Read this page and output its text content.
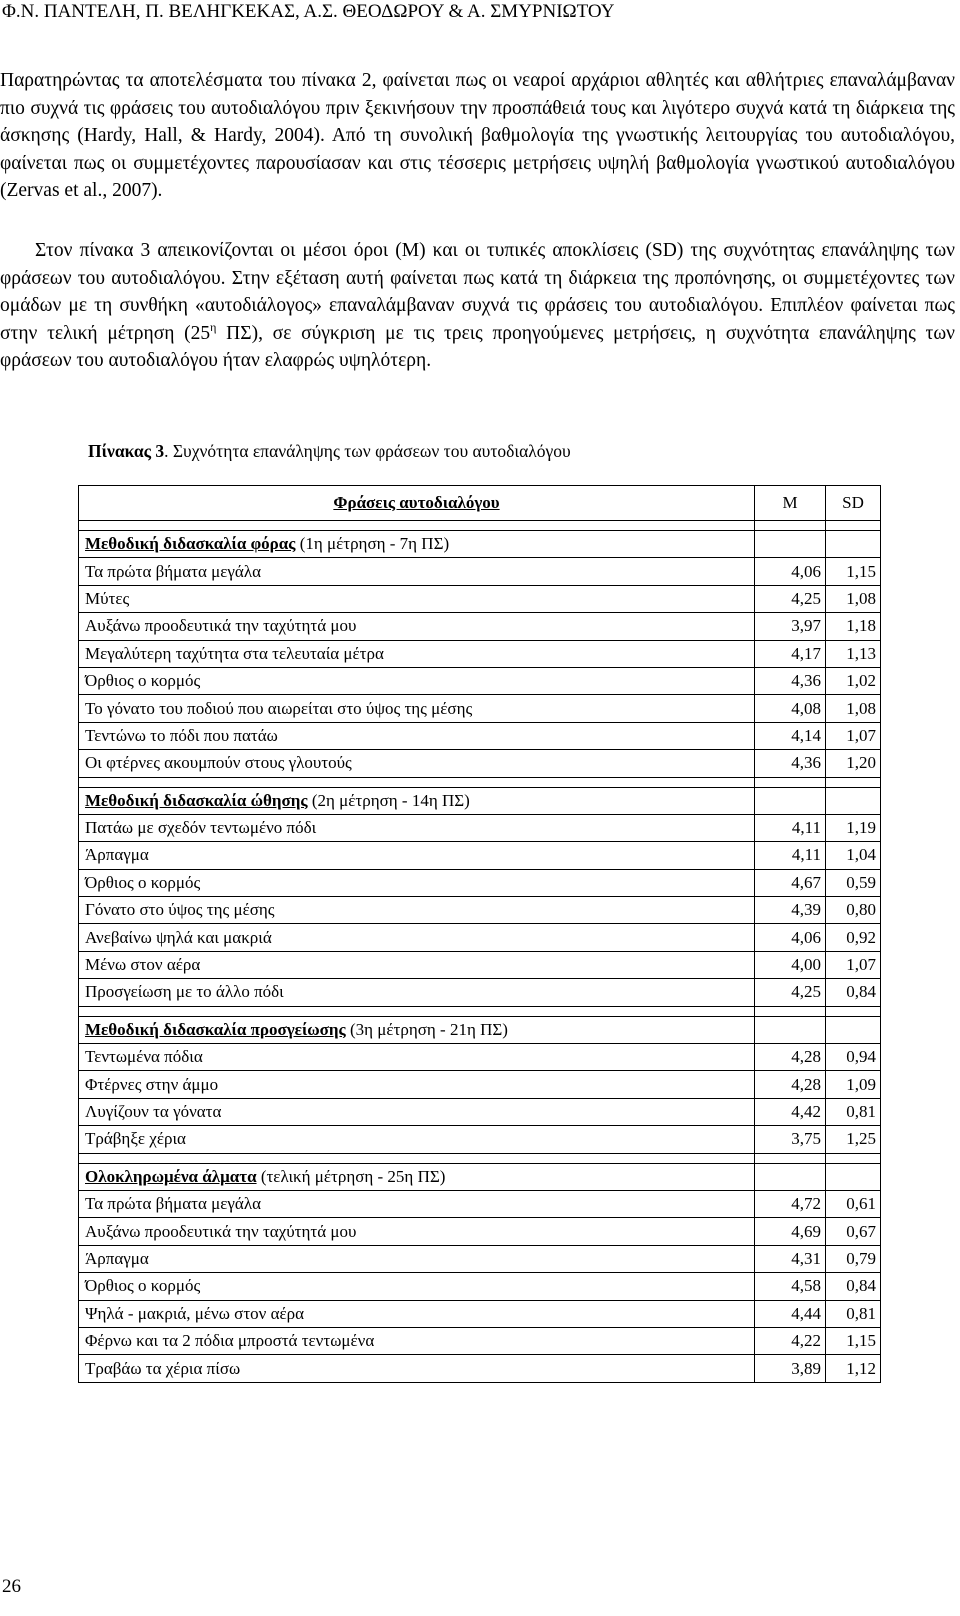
Φ.Ν. ΠΑΝΤΕΛΗ, Π. ΒΕΛΗΓΚΕΚΑΣ, Α.Σ. ΘΕΟΔΩΡΟΥ & Α. ΣΜΥΡΝΙΩΤΟΥ

Παρατηρώντας τα αποτελέσματα του πίνακα 2, φαίνεται πως οι νεαροί αρχάριοι αθλητές και αθλήτριες επαναλάμβαναν πιο συχνά τις φράσεις του αυτοδιαλόγου πριν ξεκινήσουν την προσπάθειά τους και λιγότερο συχνά κατά τη διάρκεια της άσκησης (Hardy, Hall, & Hardy, 2004). Από τη συνολική βαθμολογία της γνωστικής λειτουργίας του αυτοδιαλόγου, φαίνεται πως οι συμμετέχοντες παρουσίασαν και στις τέσσερις μετρήσεις υψηλή βαθμολογία γνωστικού αυτοδιαλόγου (Zervas et al., 2007).

Στον πίνακα 3 απεικονίζονται οι μέσοι όροι (M) και οι τυπικές αποκλίσεις (SD) της συχνότητας επανάληψης των φράσεων του αυτοδιαλόγου. Στην εξέταση αυτή φαίνεται πως κατά τη διάρκεια της προπόνησης, οι συμμετέχοντες των ομάδων με τη συνθήκη «αυτοδιάλογος» επαναλάμβαναν συχνά τις φράσεις του αυτοδιαλόγου. Επιπλέον φαίνεται πως στην τελική μέτρηση ($25^\eta$ ΠΣ), σε σύγκριση με τις τρεις προηγούμενες μετρήσεις, η συχνότητα επανάληψης των φράσεων του αυτοδιαλόγου ήταν ελαφρώς υψηλότερη.

Πίνακας 3. Συχνότητα επανάληψης των φράσεων του αυτοδιαλόγου
Φράσεις αυτοδιαλόγου	M	SD

Μεθοδική διδασκαλία φόρας (1η μέτρηση - 7η ΠΣ)		
Τα πρώτα βήματα μεγάλα	4,06	1,15
Μύτες	4,25	1,08
Αυξάνω προοδευτικά την ταχύτητά μου	3,97	1,18
Μεγαλύτερη ταχύτητα στα τελευταία μέτρα	4,17	1,13
Όρθιος ο κορμός	4,36	1,02
Το γόνατο του ποδιού που αιωρείται στο ύψος της μέσης	4,08	1,08
Τεντώνω το πόδι που πατάω	4,14	1,07
Οι φτέρνες ακουμπούν στους γλουτούς	4,36	1,20

Μεθοδική διδασκαλία ώθησης (2η μέτρηση - 14η ΠΣ)		
Πατάω με σχεδόν τεντωμένο πόδι	4,11	1,19
Άρπαγμα	4,11	1,04
Όρθιος ο κορμός	4,67	0,59
Γόνατο στο ύψος της μέσης	4,39	0,80
Ανεβαίνω ψηλά και μακριά	4,06	0,92
Μένω στον αέρα	4,00	1,07
Προσγείωση με το άλλο πόδι	4,25	0,84

Μεθοδική διδασκαλία προσγείωσης (3η μέτρηση - 21η ΠΣ)		
Τεντωμένα πόδια	4,28	0,94
Φτέρνες στην άμμο	4,28	1,09
Λυγίζουν τα γόνατα	4,42	0,81
Τράβηξε χέρια	3,75	1,25

Ολοκληρωμένα άλματα (τελική μέτρηση - 25η ΠΣ)		
Τα πρώτα βήματα μεγάλα	4,72	0,61
Αυξάνω προοδευτικά την ταχύτητά μου	4,69	0,67
Άρπαγμα	4,31	0,79
Όρθιος ο κορμός	4,58	0,84
Ψηλά - μακριά, μένω στον αέρα	4,44	0,81
Φέρνω και τα 2 πόδια μπροστά τεντωμένα	4,22	1,15
Τραβάω τα χέρια πίσω	3,89	1,12
26
